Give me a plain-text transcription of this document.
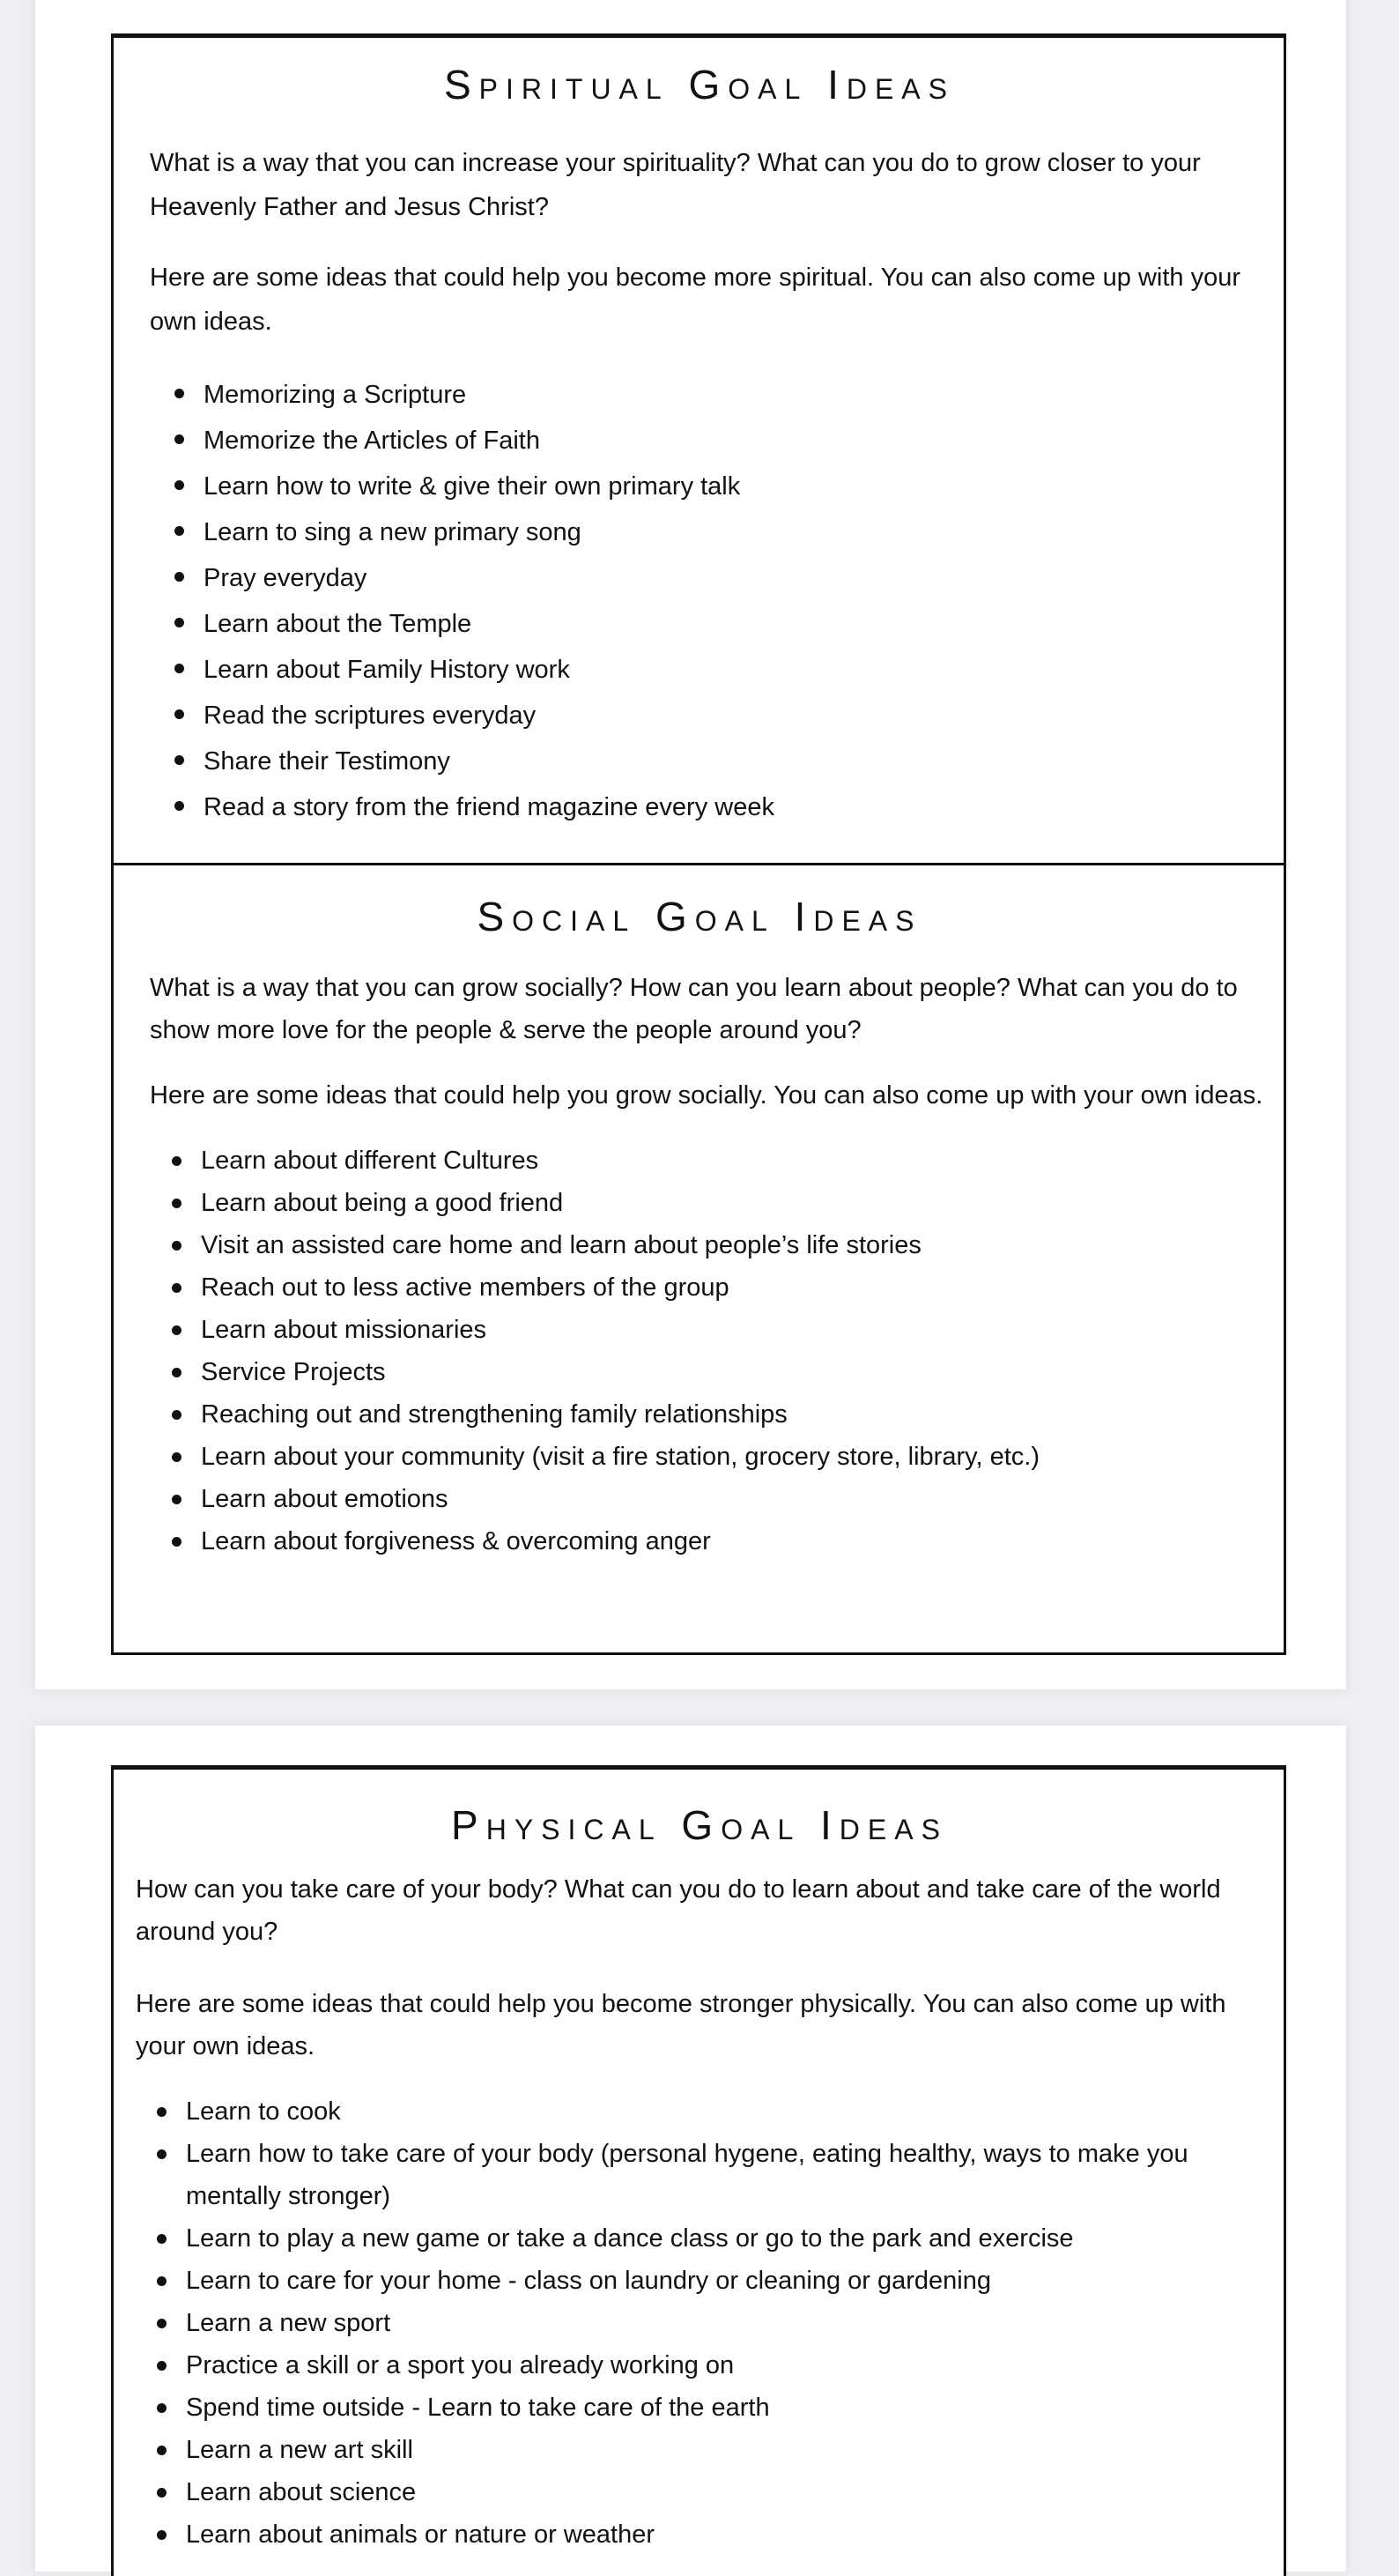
Spiritual Goal Ideas

What is a way that you can increase your spirituality? What can you do to grow closer to your Heavenly Father and Jesus Christ?

Here are some ideas that could help you become more spiritual. You can also come up with your own ideas.

Memorizing a Scripture
Memorize the Articles of Faith
Learn how to write & give their own primary talk
Learn to sing a new primary song
Pray everyday
Learn about the Temple
Learn about Family History work
Read the scriptures everyday
Share their Testimony
Read a story from the friend magazine every week
Social Goal Ideas

What is a way that you can grow socially? How can you learn about people? What can you do to show more love for the people & serve the people around you?

Here are some ideas that could help you grow socially. You can also come up with your own ideas.

Learn about different Cultures
Learn about being a good friend
Visit an assisted care home and learn about people’s life stories
Reach out to less active members of the group
Learn about missionaries
Service Projects
Reaching out and strengthening family relationships
Learn about your community (visit a fire station, grocery store, library, etc.)
Learn about emotions
Learn about forgiveness & overcoming anger
Physical Goal Ideas

How can you take care of your body? What can you do to learn about and take care of the world around you?

Here are some ideas that could help you become stronger physically. You can also come up with your own ideas.

Learn to cook
Learn how to take care of your body (personal hygene, eating healthy, ways to make you mentally stronger)
Learn to play a new game or take a dance class or go to the park and exercise
Learn to care for your home - class on laundry or cleaning or gardening
Learn a new sport
Practice a skill or a sport you already working on
Spend time outside - Learn to take care of the earth
Learn a new art skill
Learn about science
Learn about animals or nature or weather
